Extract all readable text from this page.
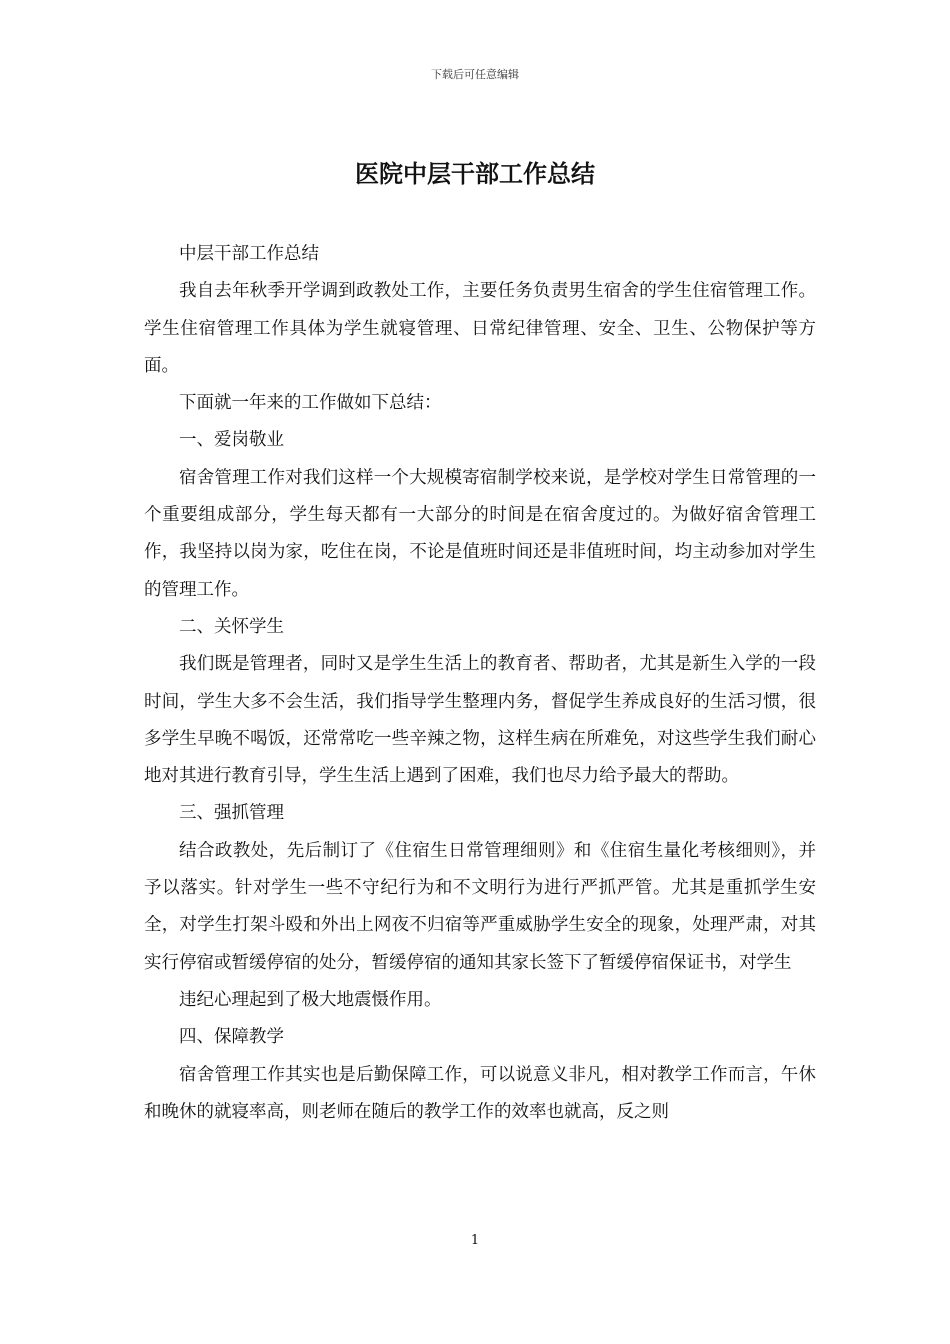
下载后可任意编辑
医院中层干部工作总结

中层干部工作总结

我自去年秋季开学调到政教处工作，主要任务负责男生宿舍的学生住宿管理工作。学生住宿管理工作具体为学生就寝管理、日常纪律管理、安全、卫生、公物保护等方面。

下面就一年来的工作做如下总结：

一、爱岗敬业

宿舍管理工作对我们这样一个大规模寄宿制学校来说，是学校对学生日常管理的一个重要组成部分，学生每天都有一大部分的时间是在宿舍度过的。为做好宿舍管理工作，我坚持以岗为家，吃住在岗，不论是值班时间还是非值班时间，均主动参加对学生的管理工作。

二、关怀学生

我们既是管理者，同时又是学生生活上的教育者、帮助者，尤其是新生入学的一段时间，学生大多不会生活，我们指导学生整理内务，督促学生养成良好的生活习惯，很多学生早晚不喝饭，还常常吃一些辛辣之物，这样生病在所难免，对这些学生我们耐心地对其进行教育引导，学生生活上遇到了困难，我们也尽力给予最大的帮助。

三、强抓管理

结合政教处，先后制订了《住宿生日常管理细则》和《住宿生量化考核细则》，并予以落实。针对学生一些不守纪行为和不文明行为进行严抓严管。尤其是重抓学生安全，对学生打架斗殴和外出上网夜不归宿等严重威胁学生安全的现象，处理严肃，对其实行停宿或暂缓停宿的处分，暂缓停宿的通知其家长签下了暂缓停宿保证书，对学生

违纪心理起到了极大地震慑作用。

四、保障教学

宿舍管理工作其实也是后勤保障工作，可以说意义非凡，相对教学工作而言，午休和晚休的就寝率高，则老师在随后的教学工作的效率也就高，反之则

1
